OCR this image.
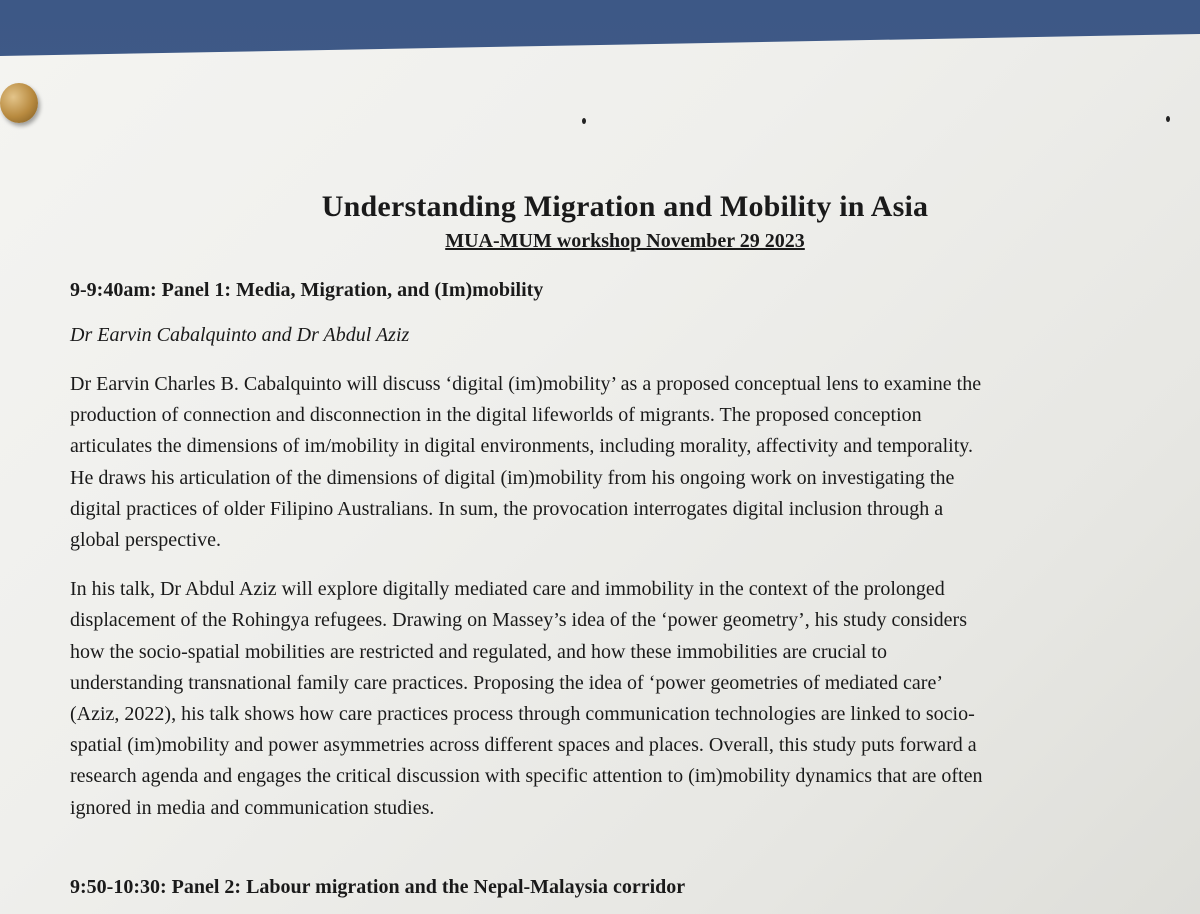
Understanding Migration and Mobility in Asia
MUA-MUM workshop November 29 2023
9-9:40am: Panel 1: Media, Migration, and (Im)mobility
Dr Earvin Cabalquinto and Dr Abdul Aziz
Dr Earvin Charles B. Cabalquinto will discuss ‘digital (im)mobility’ as a proposed conceptual lens to examine the
production of connection and disconnection in the digital lifeworlds of migrants. The proposed conception
articulates the dimensions of im/mobility in digital environments, including morality, affectivity and temporality.
He draws his articulation of the dimensions of digital (im)mobility from his ongoing work on investigating the
digital practices of older Filipino Australians. In sum, the provocation interrogates digital inclusion through a
global perspective.
In his talk, Dr Abdul Aziz will explore digitally mediated care and immobility in the context of the prolonged
displacement of the Rohingya refugees. Drawing on Massey’s idea of the ‘power geometry’, his study considers
how the socio-spatial mobilities are restricted and regulated, and how these immobilities are crucial to
understanding transnational family care practices. Proposing the idea of ‘power geometries of mediated care’
(Aziz, 2022), his talk shows how care practices process through communication technologies are linked to socio-
spatial (im)mobility and power asymmetries across different spaces and places. Overall, this study puts forward a
research agenda and engages the critical discussion with specific attention to (im)mobility dynamics that are often
ignored in media and communication studies.
9:50-10:30: Panel 2: Labour migration and the Nepal-Malaysia corridor
